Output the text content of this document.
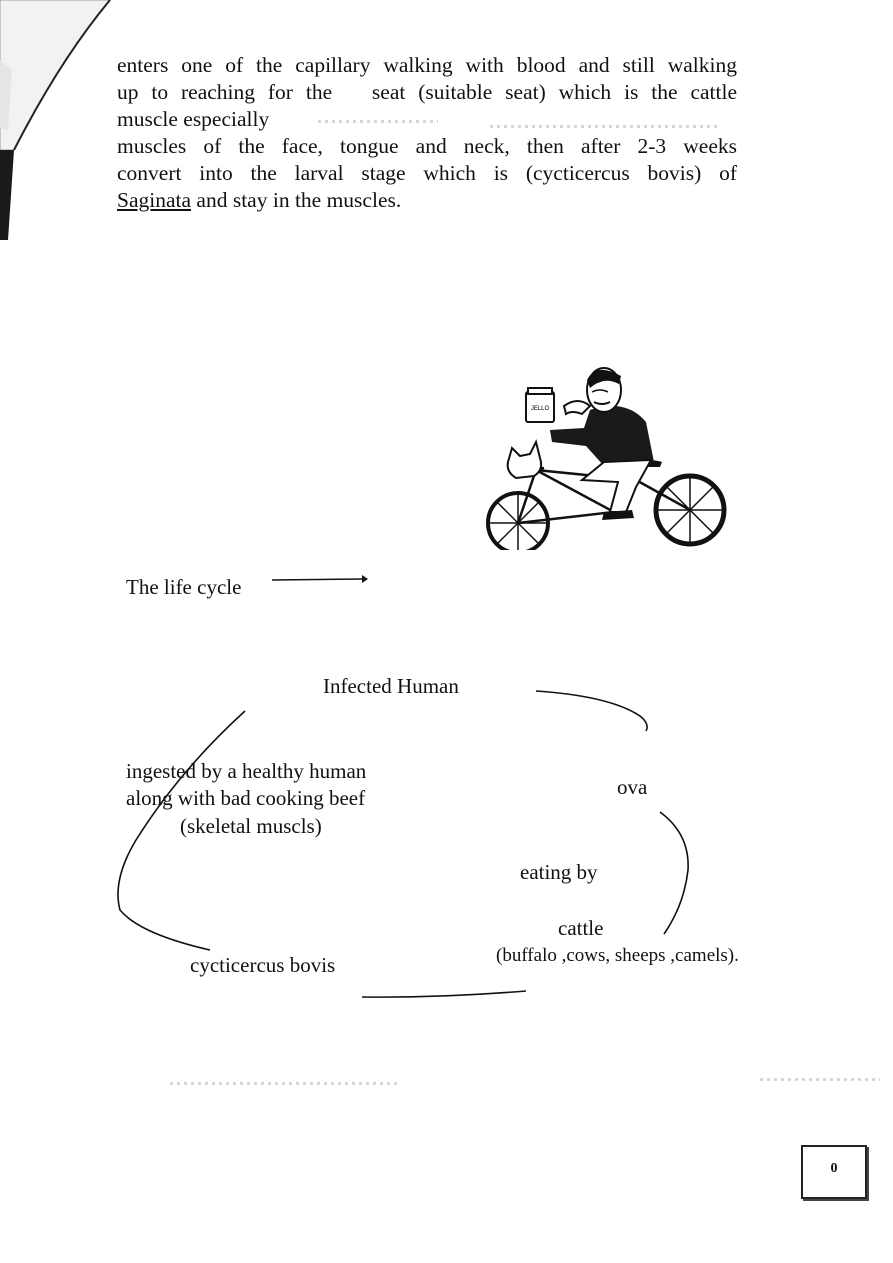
enters one of the capillary walking with blood and still walking

up to reaching for the seat (suitable seat) which is the cattle

muscle especially

muscles of the face, tongue and neck, then after 2-3 weeks

convert into the larval stage which is (cycticercus bovis) of

Saginata and stay in the muscles.

JELLO
The life cycle
Infected Human
ova
eating by
cattle
(buffalo ,cows, sheeps ,camels).
cycticercus bovis
ingested by a healthy human
along with bad cooking beef
(skeletal muscls)
0
